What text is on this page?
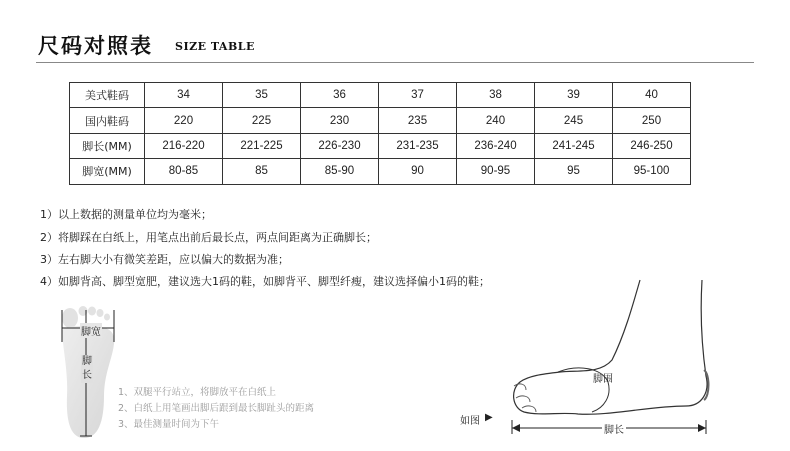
尺码对照表 SIZE TABLE
美式鞋码	34	35	36	37	38	39	40
国内鞋码	220	225	230	235	240	245	250
脚长(MM)	216-220	221-225	226-230	231-235	236-240	241-245	246-250
脚宽(MM)	80-85	85	85-90	90	90-95	95	95-100
1）以上数据的测量单位均为毫米；
2）将脚踩在白纸上，用笔点出前后最长点，两点间距离为正确脚长；
3）左右脚大小有微笑差距，应以偏大的数据为准；
4）如脚背高、脚型宽肥，建议选大1码的鞋，如脚背平、脚型纤瘦，建议选择偏小1码的鞋；
脚宽
脚长
1、双腿平行站立，将脚放平在白纸上
2、白纸上用笔画出脚后跟到最长脚趾头的距离
3、最佳测量时间为下午
脚围
脚长
如图 ▶
